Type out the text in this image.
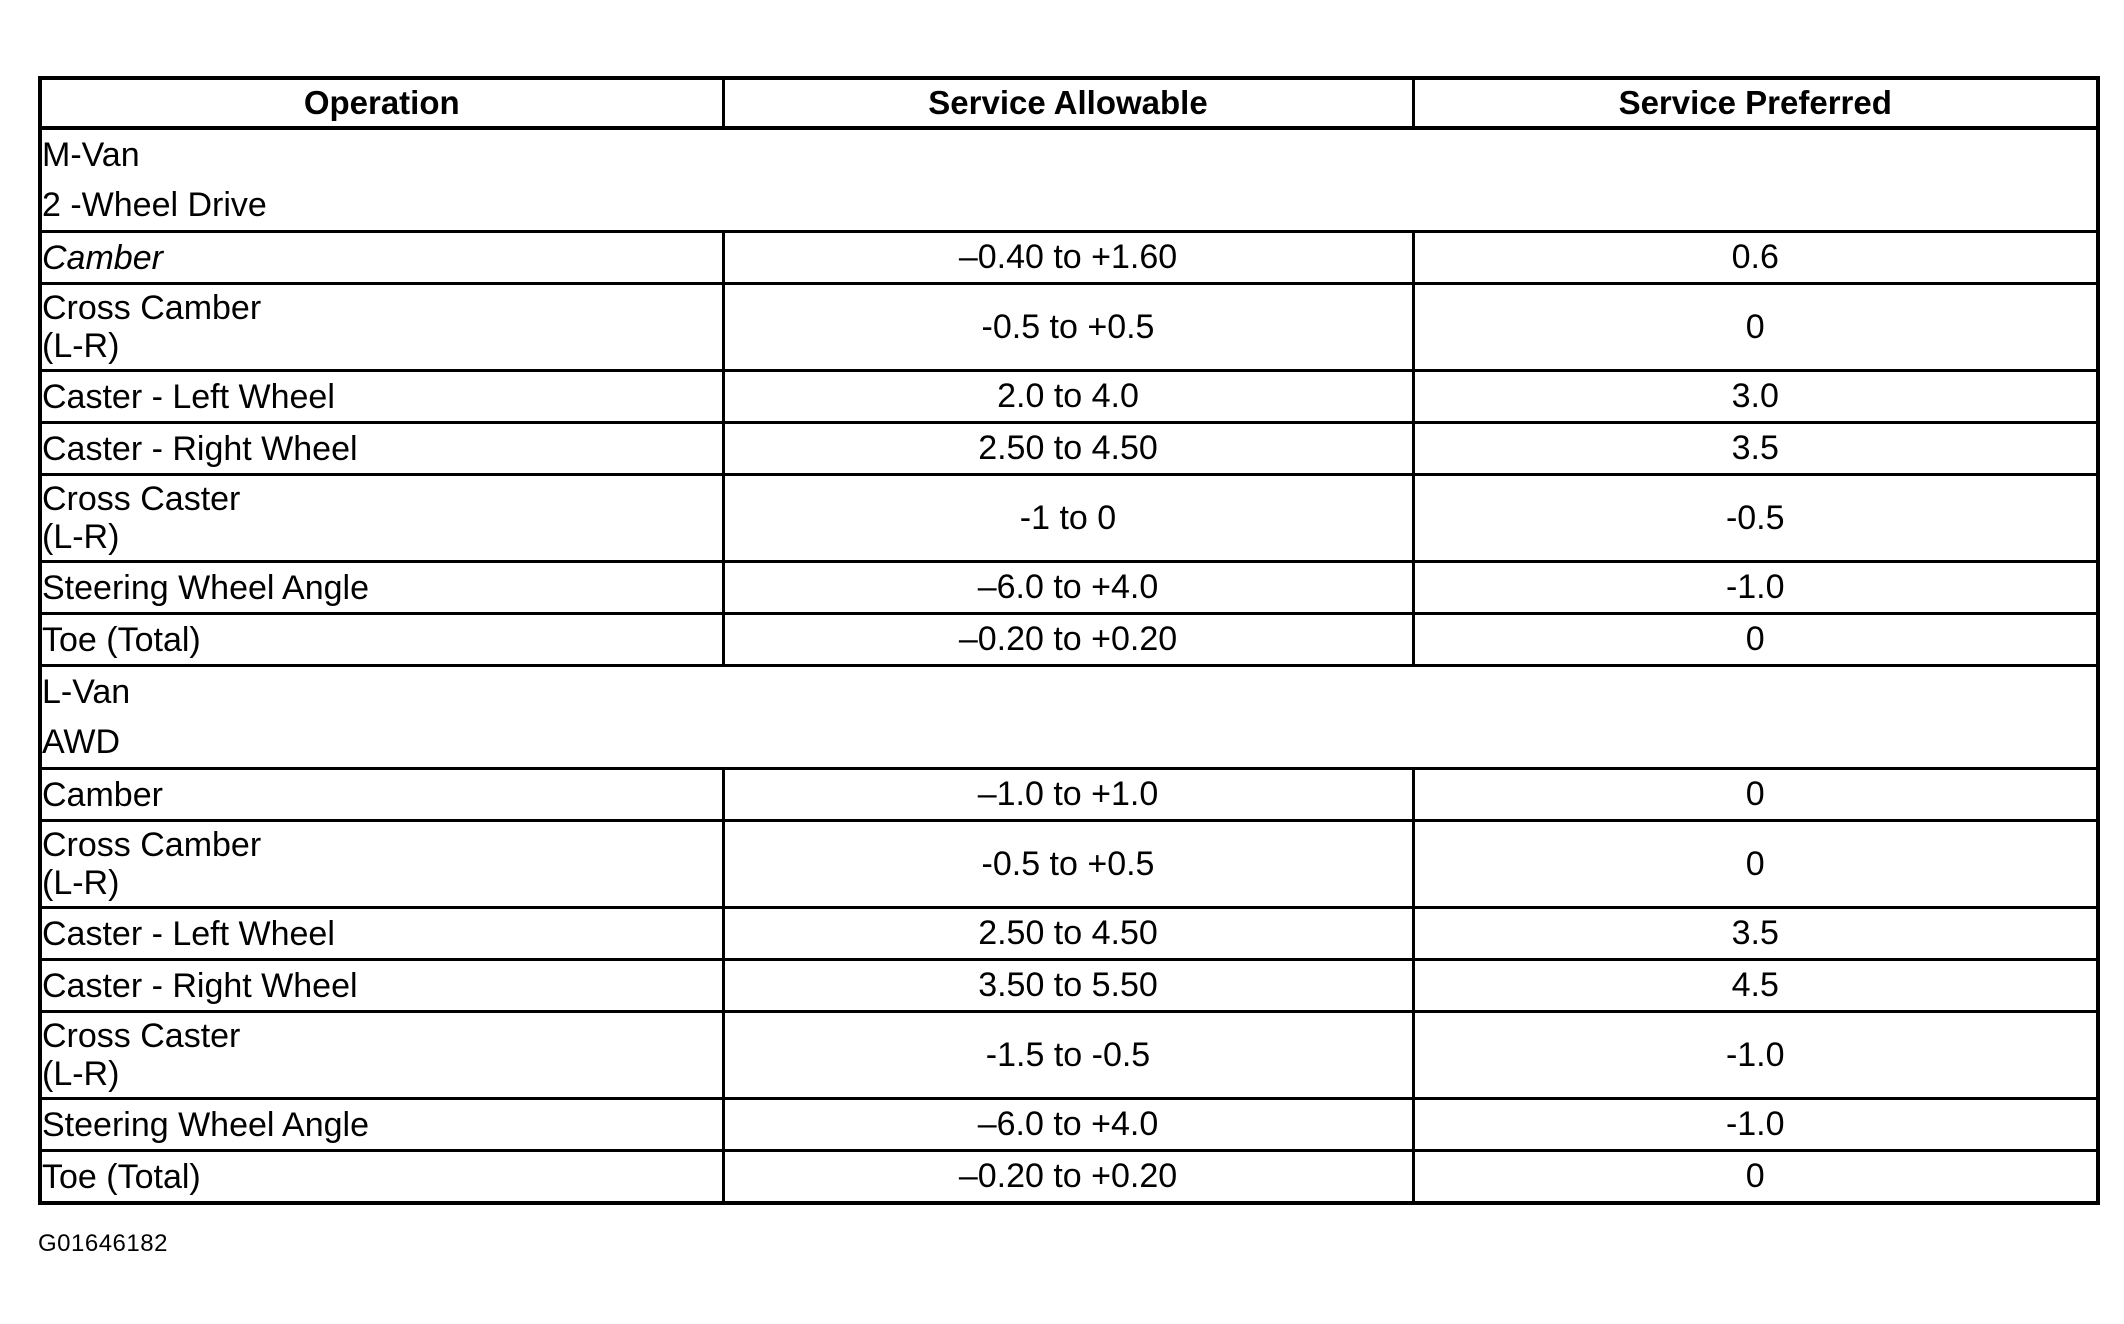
Operation	Service Allowable	Service Preferred

M-Van
2 -Wheel Drive		

Camber	–0.40 to +1.60	0.6

Cross Camber
(L-R)	-0.5 to +0.5	0

Caster - Left Wheel	2.0 to 4.0	3.0

Caster - Right Wheel	2.50 to 4.50	3.5

Cross Caster
(L-R)	-1 to 0	-0.5

Steering Wheel Angle	–6.0 to +4.0	-1.0

Toe (Total)	–0.20 to +0.20	0

L-Van
AWD		

Camber	–1.0 to +1.0	0

Cross Camber
(L-R)	-0.5 to +0.5	0

Caster - Left Wheel	2.50 to 4.50	3.5

Caster - Right Wheel	3.50 to 5.50	4.5

Cross Caster
(L-R)	-1.5 to -0.5	-1.0

Steering Wheel Angle	–6.0 to +4.0	-1.0

Toe (Total)	–0.20 to +0.20	0
G01646182
